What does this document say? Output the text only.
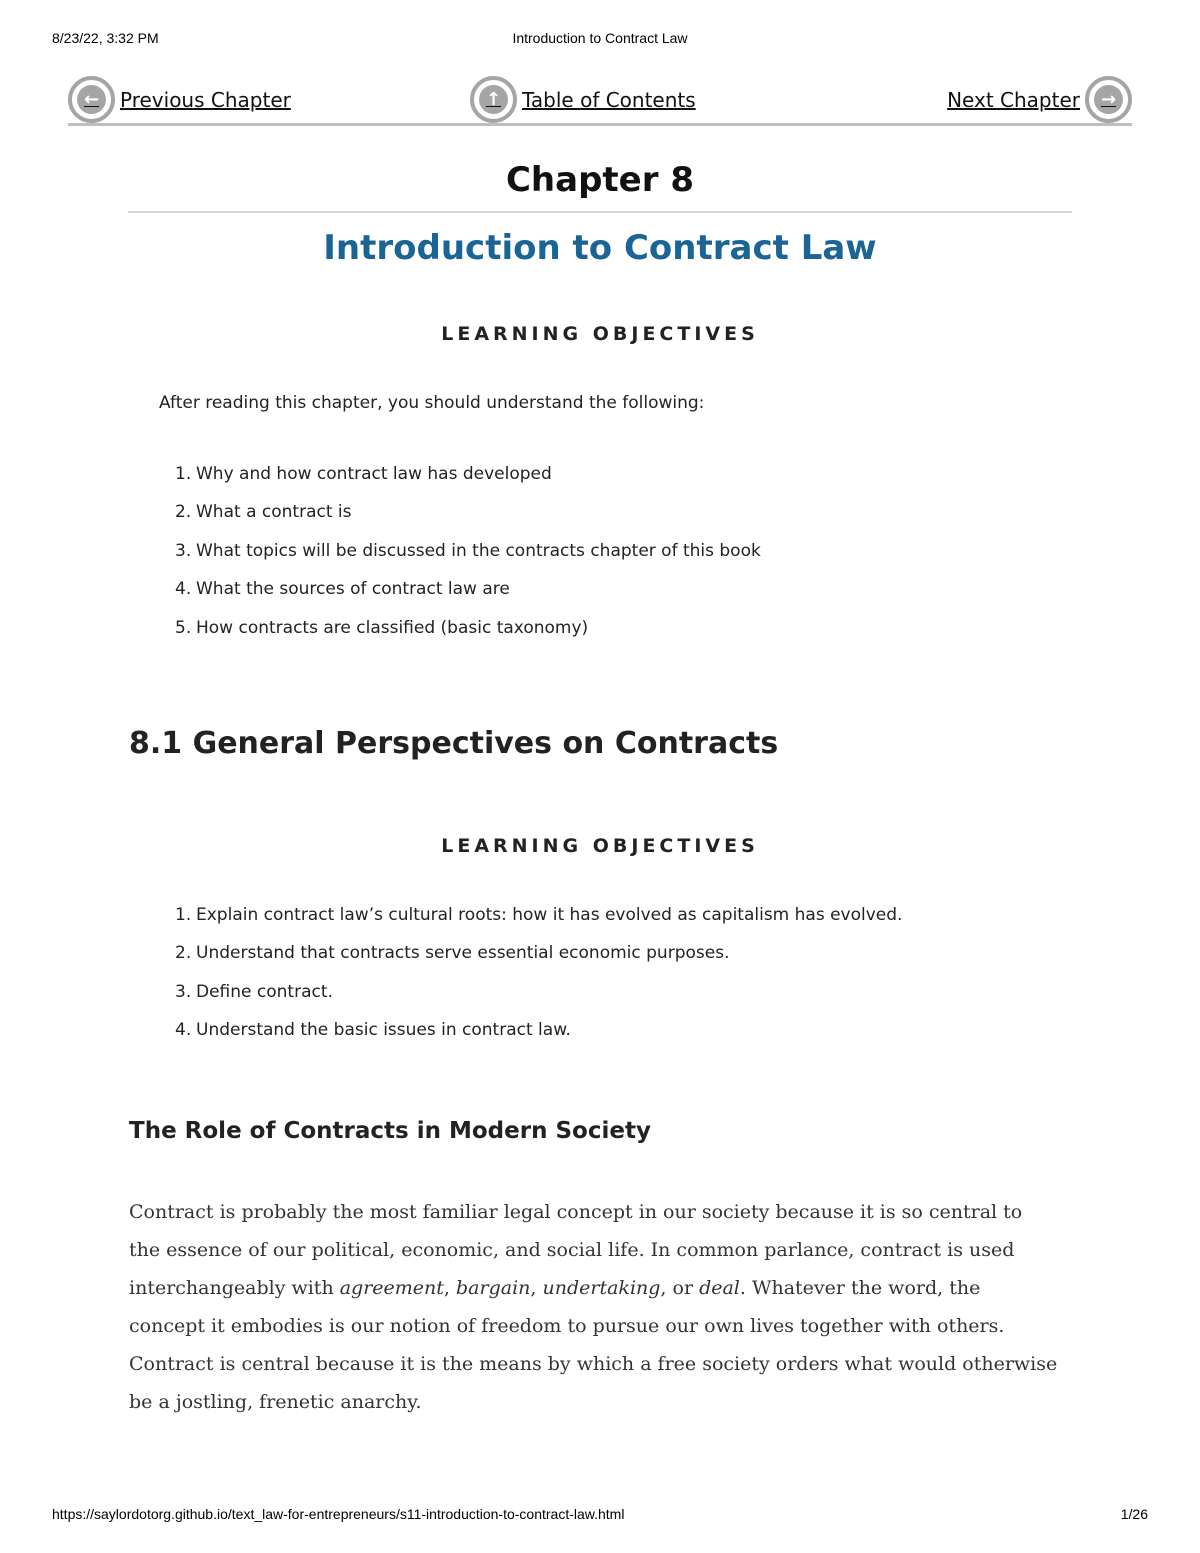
8/23/22, 3:32 PM	Introduction to Contract Law
←	Previous Chapter	↑	Table of Contents	Next Chapter	→
Chapter 8
Introduction to Contract Law
LEARNING OBJECTIVES

After reading this chapter, you should understand the following:

1. Why and how contract law has developed
2. What a contract is
3. What topics will be discussed in the contracts chapter of this book
4. What the sources of contract law are
5. How contracts are classified (basic taxonomy)
8.1 General Perspectives on Contracts
LEARNING OBJECTIVES
1. Explain contract law’s cultural roots: how it has evolved as capitalism has evolved.
2. Understand that contracts serve essential economic purposes.
3. Define contract.
4. Understand the basic issues in contract law.
The Role of Contracts in Modern Society

Contract is probably the most familiar legal concept in our society because it is so central to the essence of our political, economic, and social life. In common parlance, contract is used interchangeably with agreement, bargain, undertaking, or deal. Whatever the word, the concept it embodies is our notion of freedom to pursue our own lives together with others. Contract is central because it is the means by which a free society orders what would otherwise be a jostling, frenetic anarchy.

https://saylordotorg.github.io/text_law-for-entrepreneurs/s11-introduction-to-contract-law.html	1/26
